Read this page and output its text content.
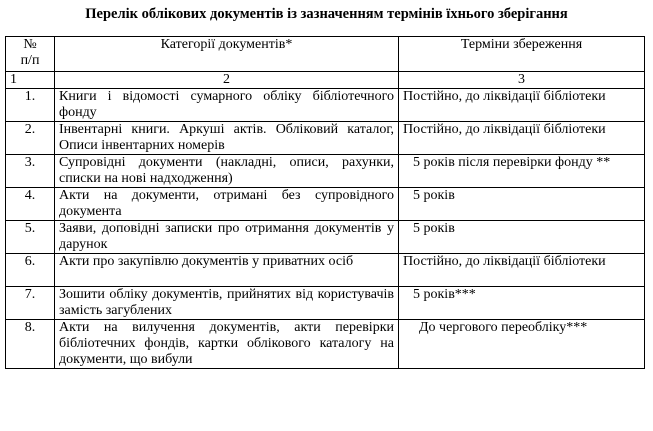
Перелік облікових документів із зазначенням термінів їхнього зберігання
№
п/п	Категорії документів*	Терміни збереження
1	2	3
1.	Книги і відомості сумарного обліку бібліотечного фонду	Постійно, до ліквідації бібліотеки
2.	Інвентарні книги. Аркуші актів. Обліковий каталог, Описи інвентарних номерів	Постійно, до ліквідації бібліотеки
3.	Супровідні документи (накладні, описи, рахунки, списки на нові надходження)	5 років після перевірки фонду **
4.	Акти на документи, отримані без супровідного документа	5 років
5.	Заяви, доповідні записки про отримання документів у дарунок	5 років
6.	Акти про закупівлю документів у приватних осіб	Постійно, до ліквідації бібліотеки
7.	Зошити обліку документів, прийнятих від користувачів замість загублених	5 років***
8.	Акти на вилучення документів, акти перевірки бібліотечних фондів, картки облікового каталогу на документи, що вибули	До чергового переобліку***
